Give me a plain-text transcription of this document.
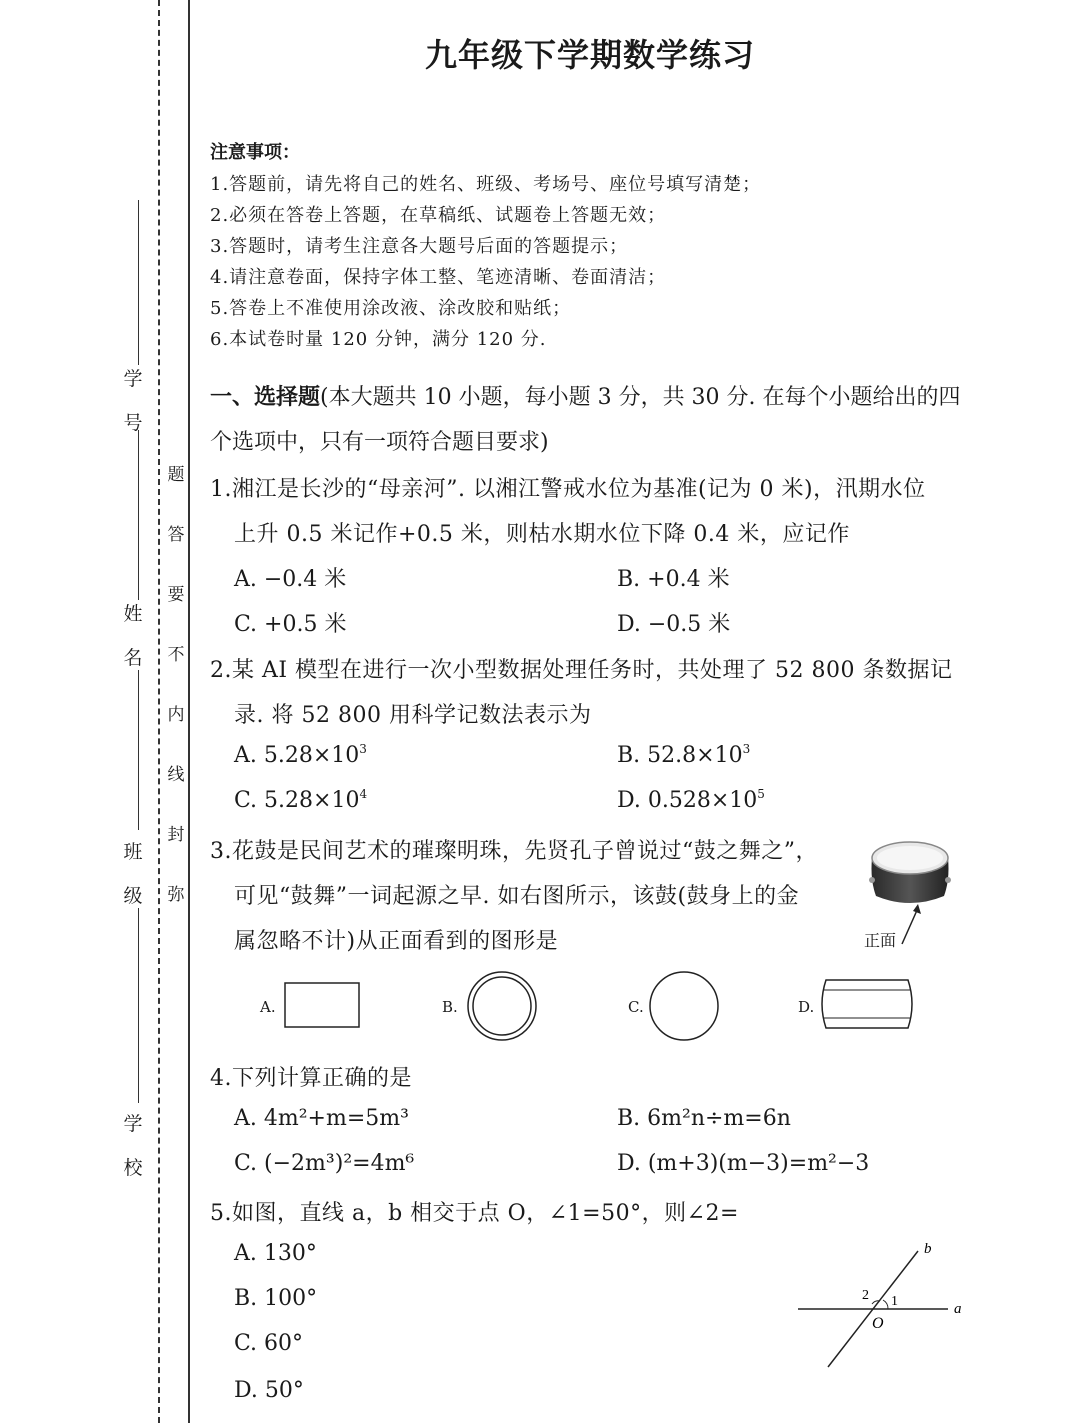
学
号
姓
名
班
级
学
校
弥
封
线
内
不
要
答
题
九年级下学期数学练习
注意事项：
1.答题前，请先将自己的姓名、班级、考场号、座位号填写清楚；
2.必须在答卷上答题，在草稿纸、试题卷上答题无效；
3.答题时，请考生注意各大题号后面的答题提示；
4.请注意卷面，保持字体工整、笔迹清晰、卷面清洁；
5.答卷上不准使用涂改液、涂改胶和贴纸；
6.本试卷时量 120 分钟，满分 120 分.
一、选择题(本大题共 10 小题，每小题 3 分，共 30 分. 在每个小题给出的四
个选项中，只有一项符合题目要求)
1.湘江是长沙的“母亲河”. 以湘江警戒水位为基准(记为 0 米)，汛期水位
上升 0.5 米记作+0.5 米，则枯水期水位下降 0.4 米，应记作
A. −0.4 米	B. +0.4 米
C. +0.5 米	D. −0.5 米
2.某 AI 模型在进行一次小型数据处理任务时，共处理了 52 800 条数据记
录. 将 52 800 用科学记数法表示为
A. $5.28\times 10^3$	B. $52.8\times 10^3$
C. $5.28\times 10^4$	D. $0.528\times 10^5$
3.花鼓是民间艺术的璀璨明珠，先贤孔子曾说过“鼓之舞之”，
可见“鼓舞”一词起源之早. 如右图所示，该鼓(鼓身上的金
属忽略不计)从正面看到的图形是	正面
A.	B.	C.	D.
4.下列计算正确的是
A. 4m²+m=5m³	B. 6m²n÷m=6n
C. (−2m³)²=4m⁶	D. (m+3)(m−3)=m²−3
5.如图，直线 a，b 相交于点 O，∠1=50°，则∠2=
A. 130°
B. 100°
C. 60°
D. 50°
a
b
O
1
2
